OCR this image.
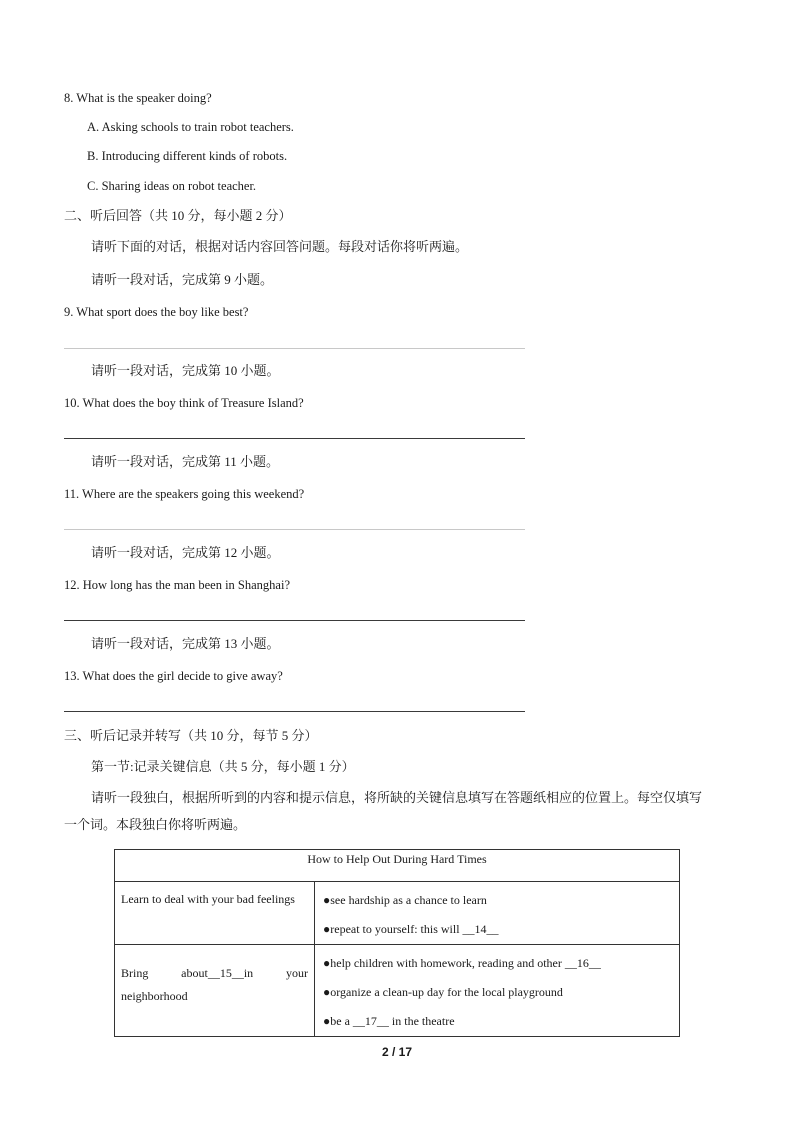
8. What is the speaker doing?
A. Asking schools to train robot teachers.
B. Introducing different kinds of robots.
C. Sharing ideas on robot teacher.
二、听后回答（共 10 分，每小题 2 分）
请听下面的对话，根据对话内容回答问题。每段对话你将听两遍。
请听一段对话，完成第 9 小题。
9. What sport does the boy like best?
请听一段对话，完成第 10 小题。
10. What does the boy think of Treasure Island?
请听一段对话，完成第 11 小题。
11. Where are the speakers going this weekend?
请听一段对话，完成第 12 小题。
12. How long has the man been in Shanghai?
请听一段对话，完成第 13 小题。
13. What does the girl decide to give away?
三、听后记录并转写（共 10 分，每节 5 分）
第一节:记录关键信息（共 5 分，每小题 1 分）
请听一段独白，根据所听到的内容和提示信息，将所缺的关键信息填写在答题纸相应的位置上。每空仅填写
一个词。本段独白你将听两遍。
How to Help Out During Hard Times	
Learn to deal with your bad feelings	●see hardship as a chance to learn
●repeat to yourself: this will __14__

Bring about__15__in your neighborhood	●help children with homework, reading and other __16__
●organize a clean-up day for the local playground
●be a __17__ in the theatre
2 / 17
